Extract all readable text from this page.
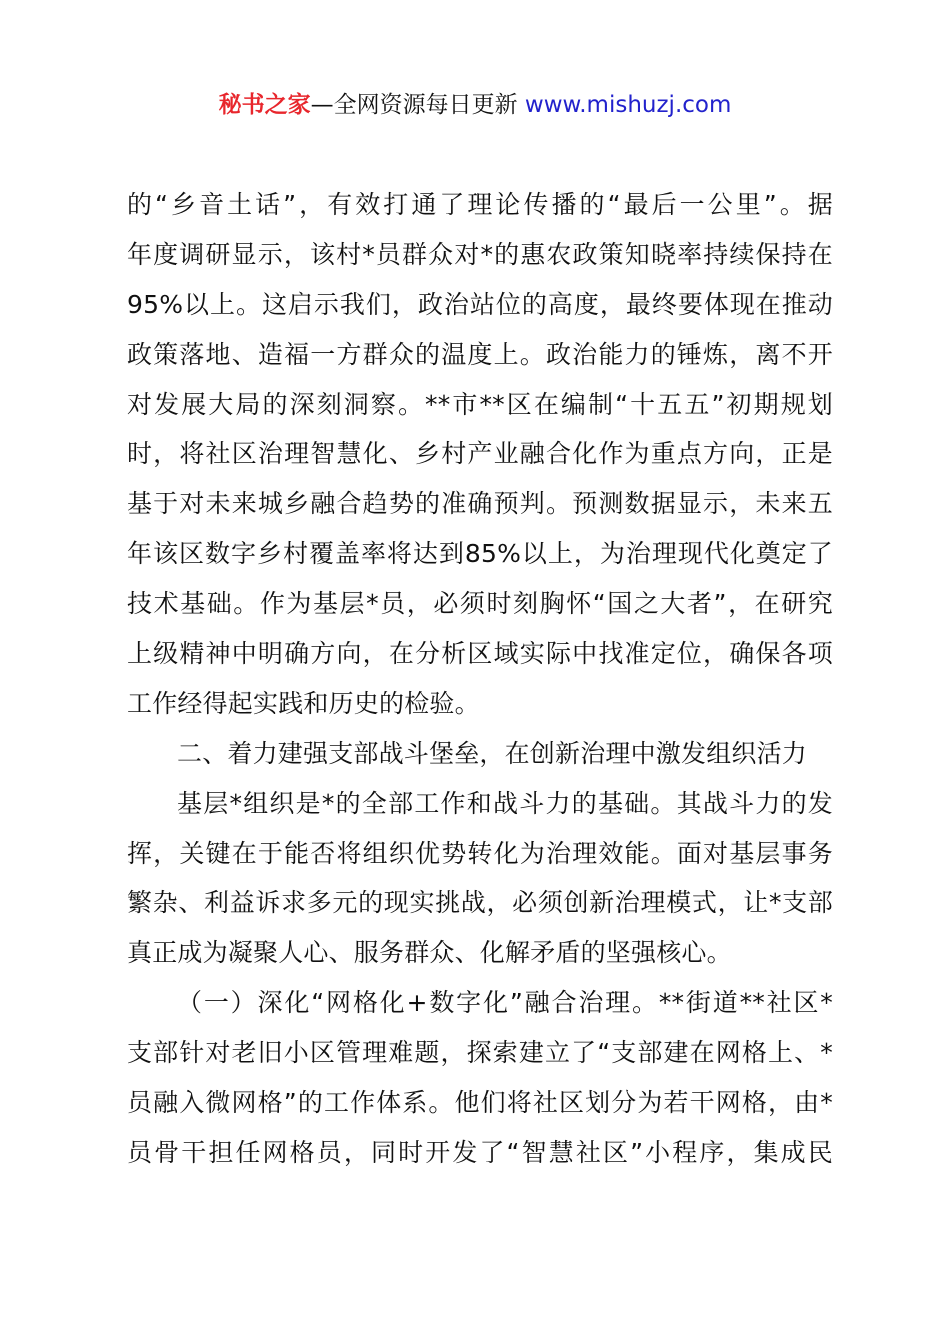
秘书之家—全网资源每日更新 www.mishuzj.com
的“乡音土话”，有效打通了理论传播的“最后一公里”。据
年度调研显示，该村*员群众对*的惠农政策知晓率持续保持在
95%以上。这启示我们，政治站位的高度，最终要体现在推动
政策落地、造福一方群众的温度上。政治能力的锤炼，离不开
对发展大局的深刻洞察。**市**区在编制“十五五”初期规划
时，将社区治理智慧化、乡村产业融合化作为重点方向，正是
基于对未来城乡融合趋势的准确预判。预测数据显示，未来五
年该区数字乡村覆盖率将达到85%以上，为治理现代化奠定了
技术基础。作为基层*员，必须时刻胸怀“国之大者”，在研究
上级精神中明确方向，在分析区域实际中找准定位，确保各项
工作经得起实践和历史的检验。
二、着力建强支部战斗堡垒，在创新治理中激发组织活力
基层*组织是*的全部工作和战斗力的基础。其战斗力的发
挥，关键在于能否将组织优势转化为治理效能。面对基层事务
繁杂、利益诉求多元的现实挑战，必须创新治理模式，让*支部
真正成为凝聚人心、服务群众、化解矛盾的坚强核心。
（一）深化“网格化+数字化”融合治理。**街道**社区*
支部针对老旧小区管理难题，探索建立了“支部建在网格上、*
员融入微网格”的工作体系。他们将社区划分为若干网格，由*
员骨干担任网格员，同时开发了“智慧社区”小程序，集成民
